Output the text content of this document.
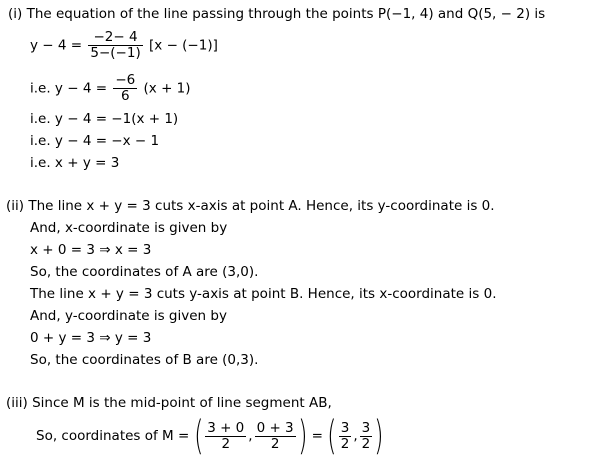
(i) The equation of the line passing through the points P(−1, 4) and Q(5, − 2) is
$y - 4 = \frac{-2- 4}{5-(-1)} [x - (-1)]$
i.e. $y - 4 = \frac{-6}{6} (x + 1)$
i.e. y − 4 = −1(x + 1)
i.e. y − 4 = −x − 1
i.e. x + y = 3
(ii) The line x + y = 3 cuts x-axis at point A. Hence, its y-coordinate is 0.
And, x-coordinate is given by
x + 0 = 3 ⇒ x = 3
So, the coordinates of A are (3,0).
The line x + y = 3 cuts y-axis at point B. Hence, its x-coordinate is 0.
And, y-coordinate is given by
0 + y = 3 ⇒ y = 3
So, the coordinates of B are (0,3).
(iii) Since M is the mid-point of line segment AB,
So, coordinates of M = ( $\frac{3 + 0}{2}$ , $\frac{0 + 3}{2}$ ) = ( $\frac{3}{2}$ , $\frac{3}{2}$ )
